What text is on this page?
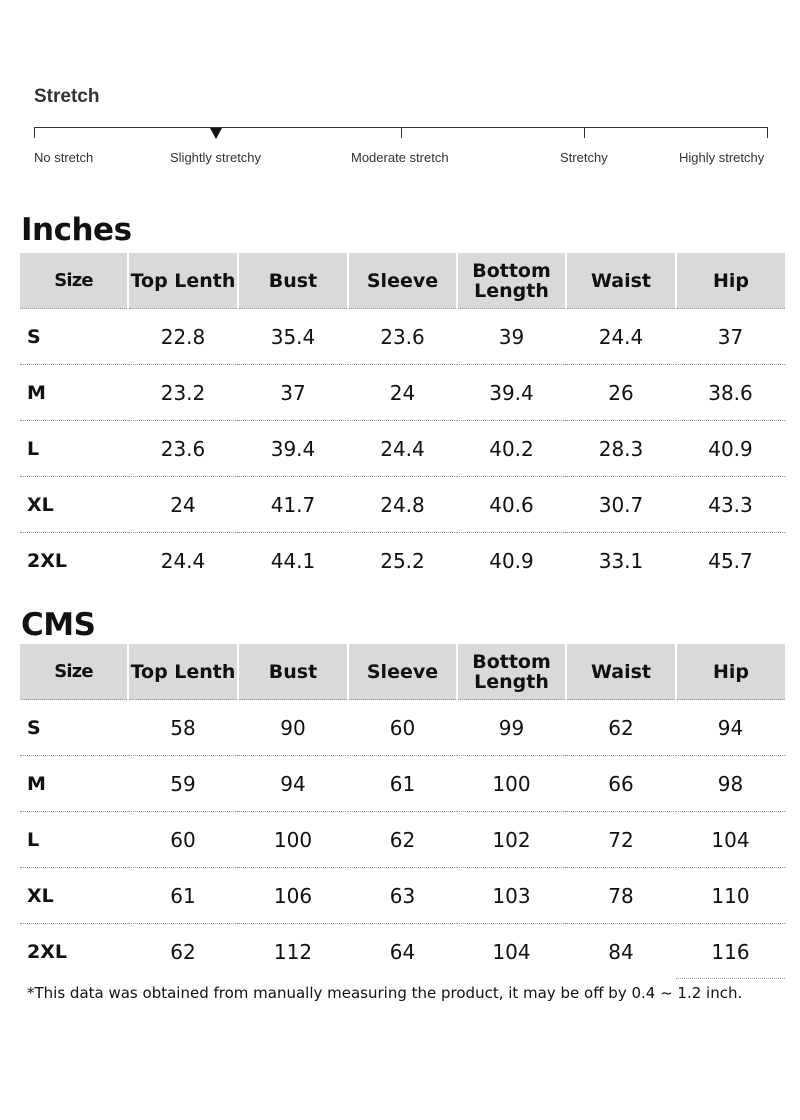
Stretch
No stretch	Slightly stretchy	Moderate stretch	Stretchy	Highly stretchy
Inches
Size	Top Lenth	Bust	Sleeve	Bottom Length	Waist	Hip
S	22.8	35.4	23.6	39	24.4	37
M	23.2	37	24	39.4	26	38.6
L	23.6	39.4	24.4	40.2	28.3	40.9
XL	24	41.7	24.8	40.6	30.7	43.3
2XL	24.4	44.1	25.2	40.9	33.1	45.7
CMS
Size	Top Lenth	Bust	Sleeve	Bottom Length	Waist	Hip
S	58	90	60	99	62	94
M	59	94	61	100	66	98
L	60	100	62	102	72	104
XL	61	106	63	103	78	110
2XL	62	112	64	104	84	116
*This data was obtained from manually measuring the product, it may be off by 0.4 ~ 1.2 inch.
